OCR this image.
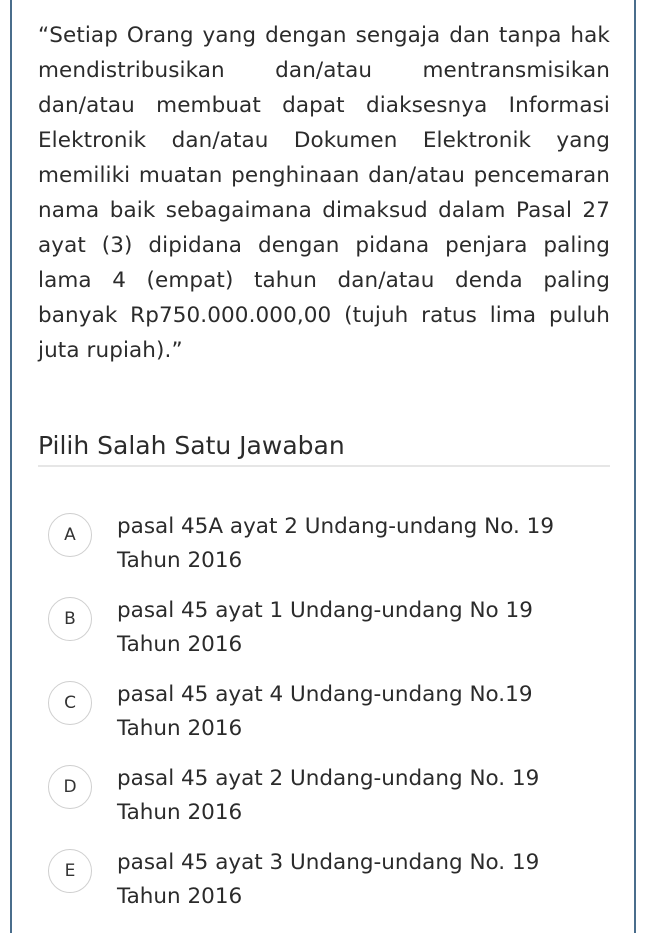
“Setiap Orang yang dengan sengaja dan tanpa hak mendistribusikan dan/atau mentransmisikan dan/atau membuat dapat diaksesnya Informasi Elektronik dan/atau Dokumen Elektronik yang memiliki muatan penghinaan dan/atau pencemaran nama baik sebagaimana dimaksud dalam Pasal 27 ayat (3) dipidana dengan pidana penjara paling lama 4 (empat) tahun dan/atau denda paling banyak Rp750.000.000,00 (tujuh ratus lima puluh juta rupiah).”
Pilih Salah Satu Jawaban
A	pasal 45A ayat 2 Undang-undang No. 19 Tahun 2016
B	pasal 45 ayat 1 Undang-undang No 19 Tahun 2016
C	pasal 45 ayat 4 Undang-undang No.19 Tahun 2016
D	pasal 45 ayat 2 Undang-undang No. 19 Tahun 2016
E	pasal 45 ayat 3 Undang-undang No. 19 Tahun 2016
